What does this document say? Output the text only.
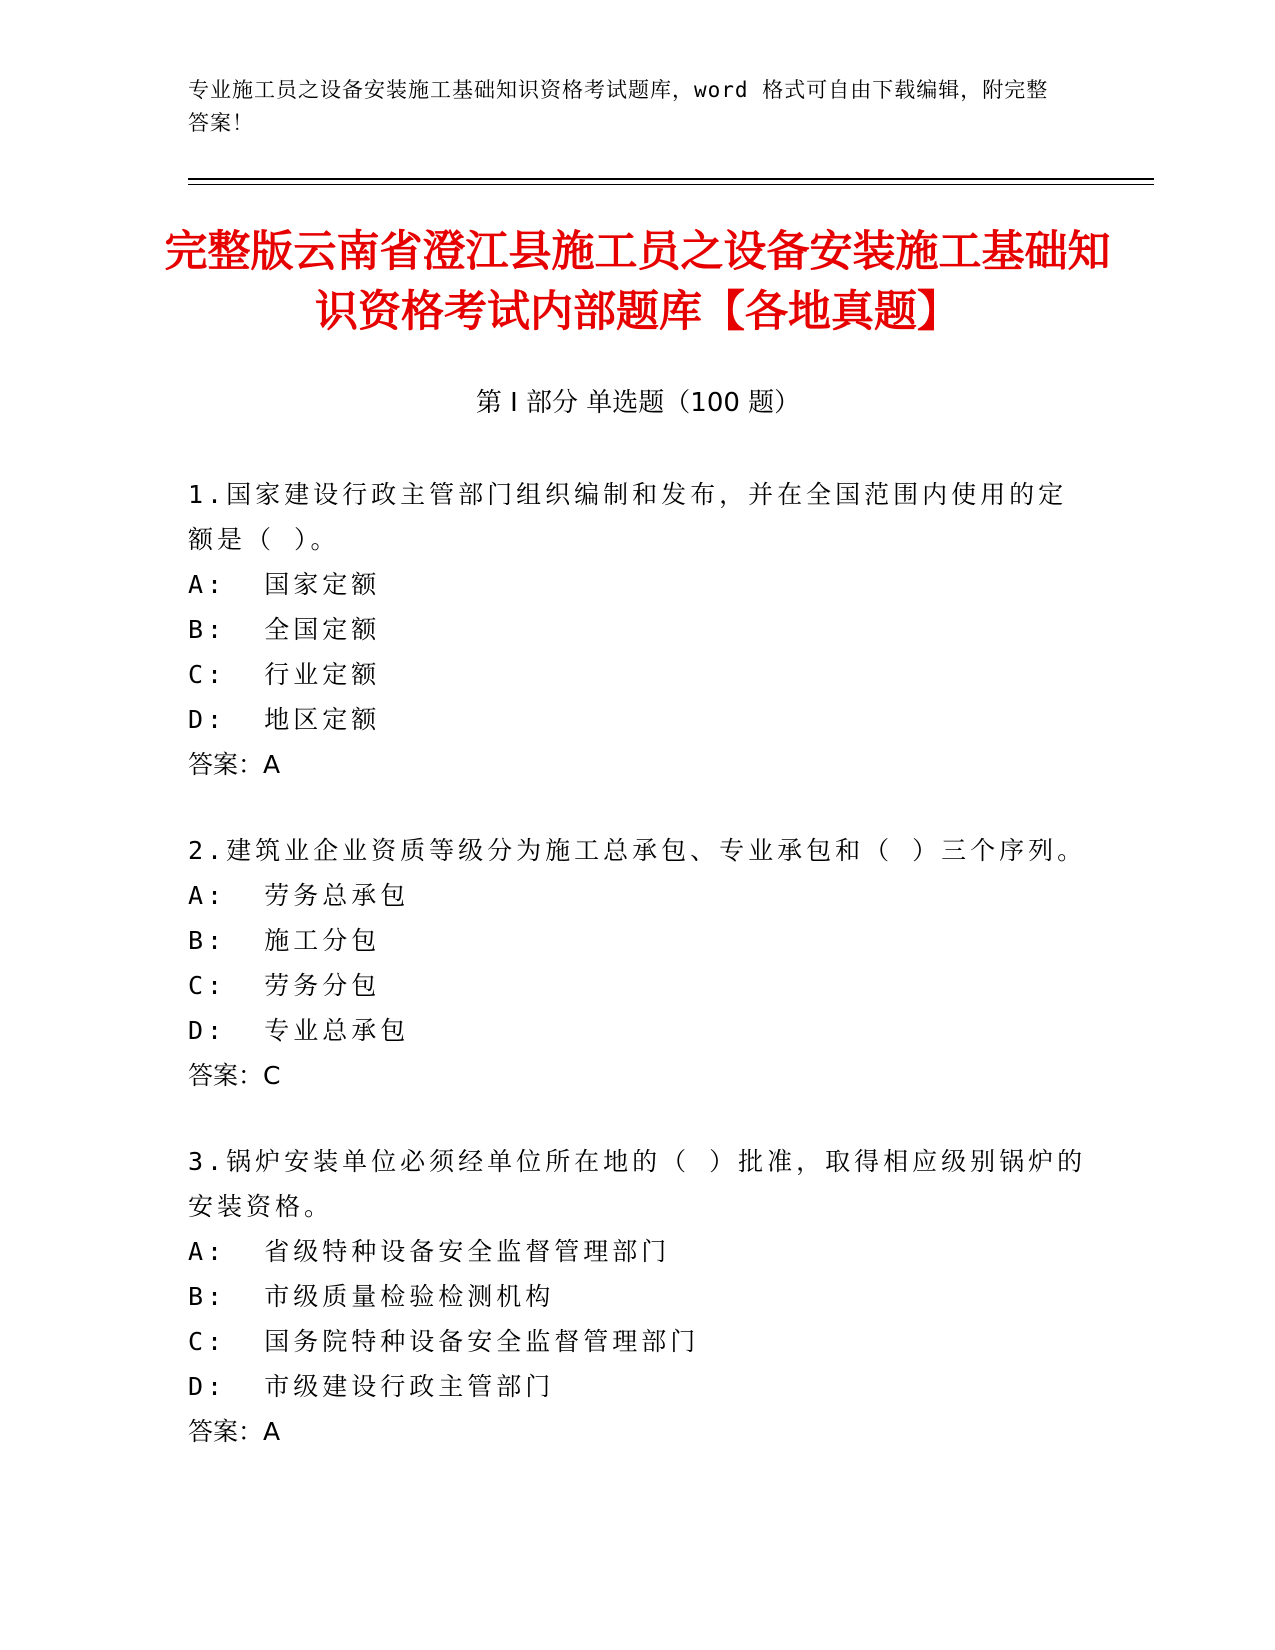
专业施工员之设备安装施工基础知识资格考试题库，word 格式可自由下载编辑，附完整答案！
完整版云南省澄江县施工员之设备安装施工基础知识资格考试内部题库【各地真题】
第 I 部分 单选题（100 题）
1.国家建设行政主管部门组织编制和发布，并在全国范围内使用的定额是（ ）。
A:  国家定额
B:  全国定额
C:  行业定额
D:  地区定额
答案：A
2.建筑业企业资质等级分为施工总承包、专业承包和（ ）三个序列。
A:  劳务总承包
B:  施工分包
C:  劳务分包
D:  专业总承包
答案：C
3.锅炉安装单位必须经单位所在地的（ ）批准，取得相应级别锅炉的安装资格。
A:  省级特种设备安全监督管理部门
B:  市级质量检验检测机构
C:  国务院特种设备安全监督管理部门
D:  市级建设行政主管部门
答案：A
